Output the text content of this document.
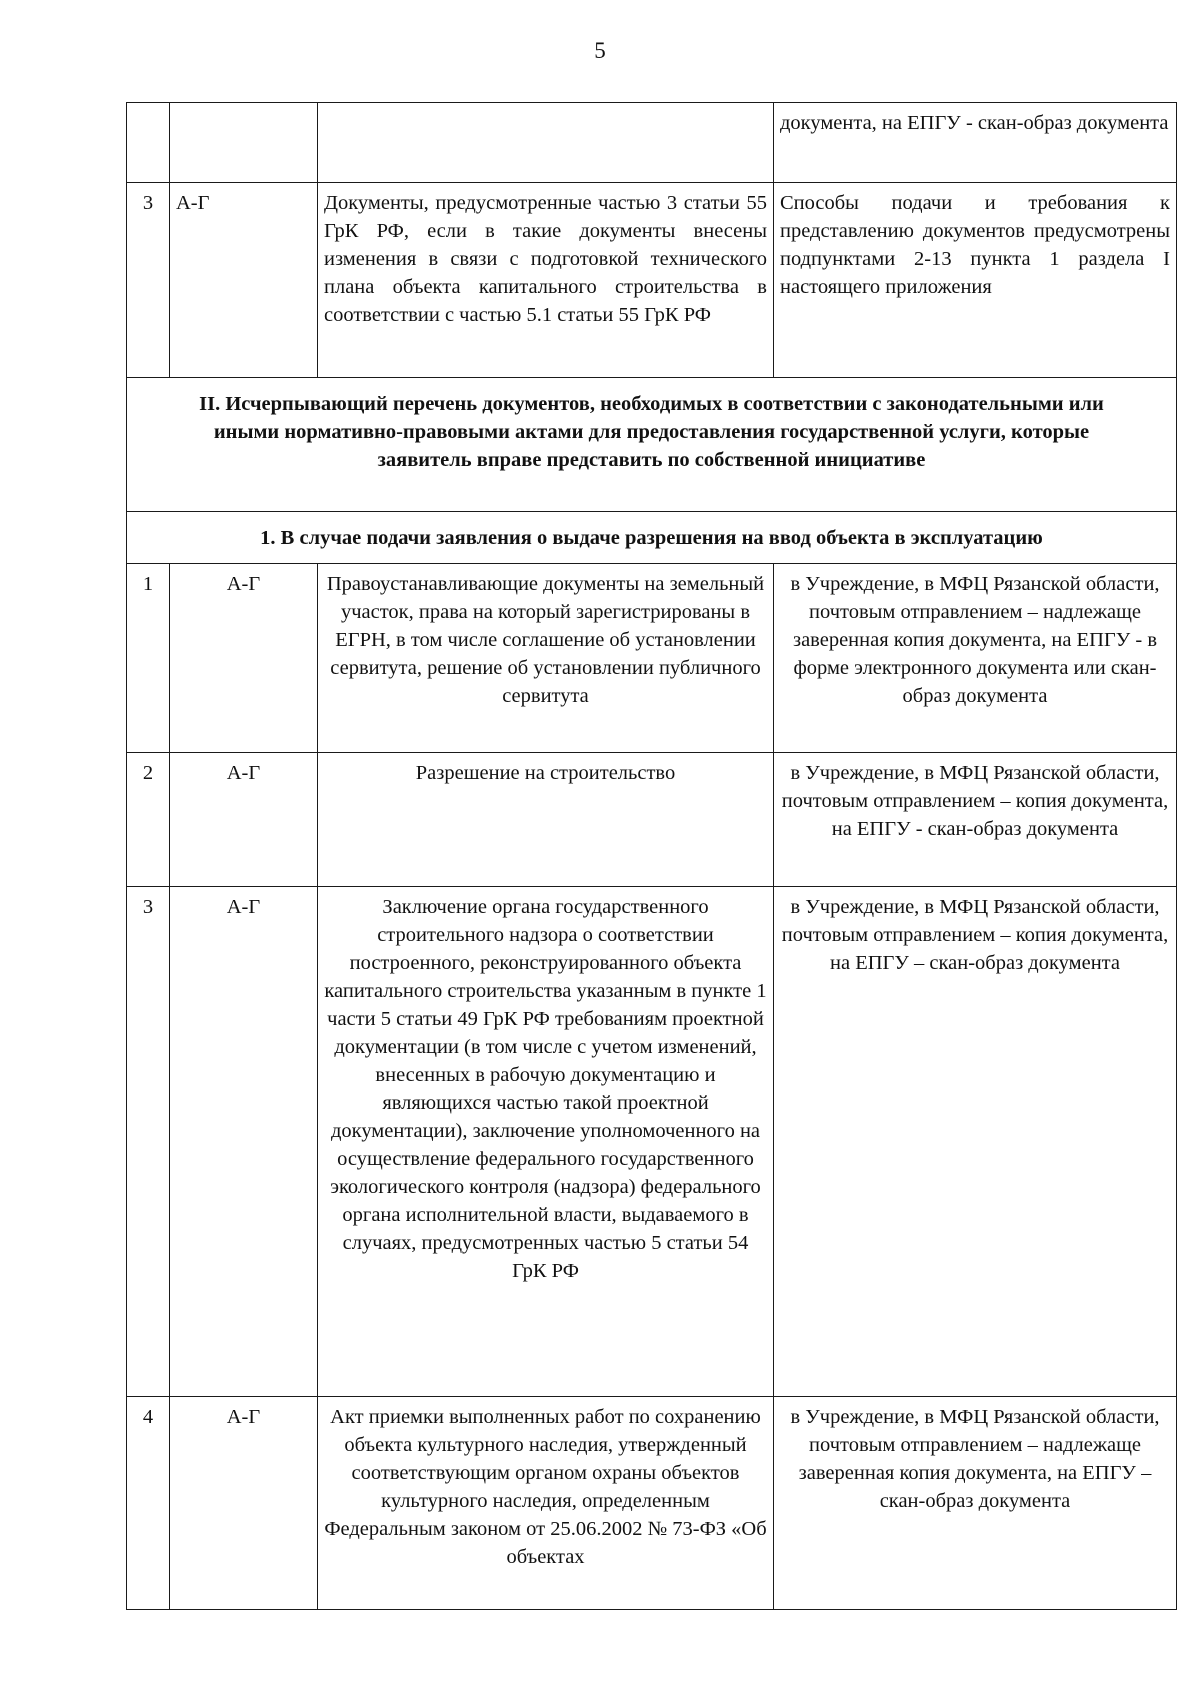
5
			документа, на ЕПГУ - скан-образ документа
3	А-Г	Документы, предусмотренные частью 3 статьи 55 ГрК РФ, если в такие документы внесены изменения в связи с подготовкой технического плана объекта капитального строительства в соответствии с частью 5.1 статьи 55 ГрК РФ	Способы подачи и требования к представлению документов предусмотрены подпунктами 2-13 пункта 1 раздела I настоящего приложения
II. Исчерпывающий перечень документов, необходимых в соответствии с законодательными или иными нормативно-правовыми актами для предоставления государственной услуги, которые заявитель вправе представить по собственной инициативе			
1. В случае подачи заявления о выдаче разрешения на ввод объекта в эксплуатацию			
1	А-Г	Правоустанавливающие документы на земельный участок, права на который зарегистрированы в ЕГРН, в том числе соглашение об установлении сервитута, решение об установлении публичного сервитута	в Учреждение, в МФЦ Рязанской области, почтовым отправлением – надлежаще заверенная копия документа, на ЕПГУ - в форме электронного документа или скан-образ документа
2	А-Г	Разрешение на строительство	в Учреждение, в МФЦ Рязанской области, почтовым отправлением – копия документа, на ЕПГУ - скан-образ документа
3	А-Г	Заключение органа государственного строительного надзора о соответствии построенного, реконструированного объекта капитального строительства указанным в пункте 1 части 5 статьи 49 ГрК РФ требованиям проектной документации (в том числе с учетом изменений, внесенных в рабочую документацию и являющихся частью такой проектной документации), заключение уполномоченного на осуществление федерального государственного экологического контроля (надзора) федерального органа исполнительной власти, выдаваемого в случаях, предусмотренных частью 5 статьи 54 ГрК РФ	в Учреждение, в МФЦ Рязанской области, почтовым отправлением – копия документа, на ЕПГУ – скан-образ документа
4	А-Г	Акт приемки выполненных работ по сохранению объекта культурного наследия, утвержденный соответствующим органом охраны объектов культурного наследия, определенным Федеральным законом от 25.06.2002 № 73-ФЗ «Об объектах	в Учреждение, в МФЦ Рязанской области, почтовым отправлением – надлежаще заверенная копия документа, на ЕПГУ – скан-образ документа
